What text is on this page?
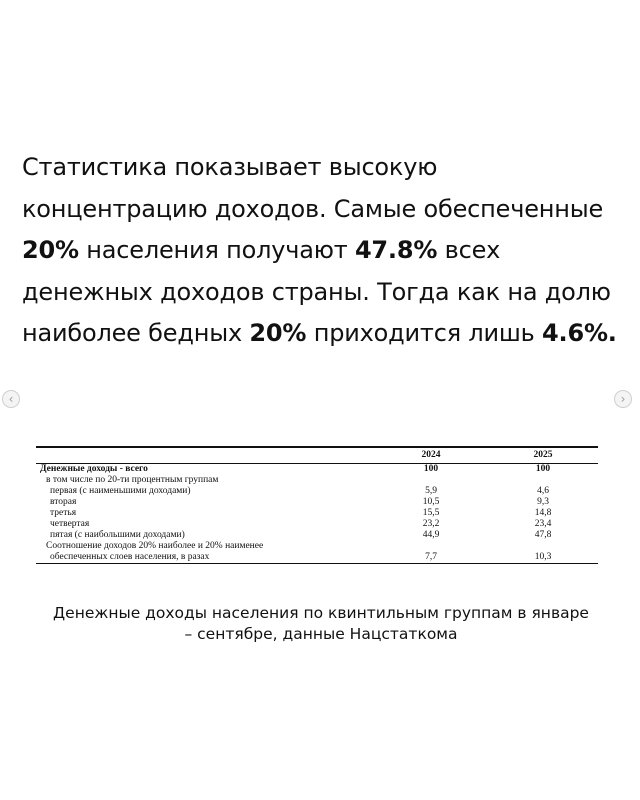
Статистика показывает высокую концентрацию доходов. Самые обеспеченные 20% населения получают 47.8% всех денежных доходов страны. Тогда как на долю наиболее бедных 20% приходится лишь 4.6%.
‹	›
2024	2025
Денежные доходы - всего	100	100
в том числе по 20-ти процентным группам
первая (с наименьшими доходами)	5,9	4,6
вторая	10,5	9,3
третья	15,5	14,8
четвертая	23,2	23,4
пятая (с наибольшими доходами)	44,9	47,8
Соотношение доходов 20% наиболее и 20% наименее
обеспеченных слоев населения, в разах	7,7	10,3
Денежные доходы населения по квинтильным группам в январе
– сентябре, данные Нацстаткома
